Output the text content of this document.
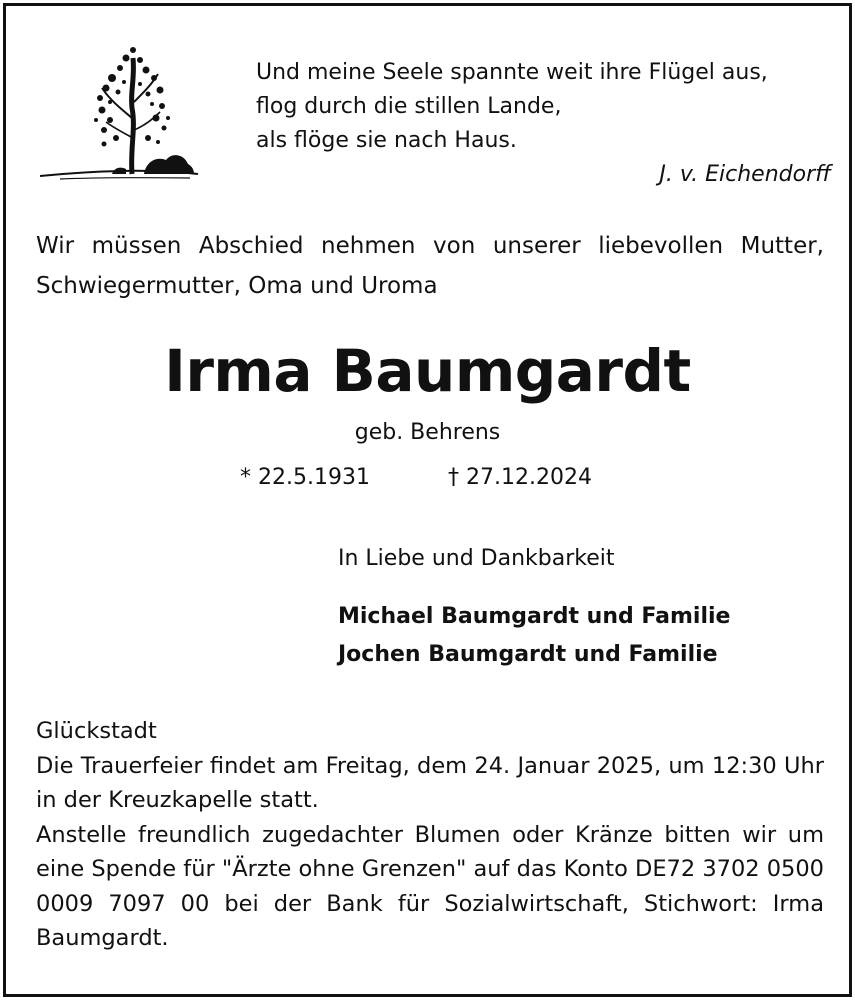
Und meine Seele spannte weit ihre Flügel aus,
flog durch die stillen Lande,
als flöge sie nach Haus.
J. v. Eichendorff
Wir müssen Abschied nehmen von unserer liebevollen Mutter, Schwiegermutter, Oma und Uroma
Irma Baumgardt
geb. Behrens
* 22.5.1931	† 27.12.2024
In Liebe und Dankbarkeit
Michael Baumgardt und Familie
Jochen Baumgardt und Familie
Glückstadt
Die Trauerfeier findet am Freitag, dem 24. Januar 2025, um 12:30 Uhr in der Kreuzkapelle statt.
Anstelle freundlich zugedachter Blumen oder Kränze bitten wir um eine Spende für "Ärzte ohne Grenzen" auf das Konto DE72 3702 0500 0009 7097 00 bei der Bank für Sozialwirtschaft, Stichwort: Irma Baumgardt.
